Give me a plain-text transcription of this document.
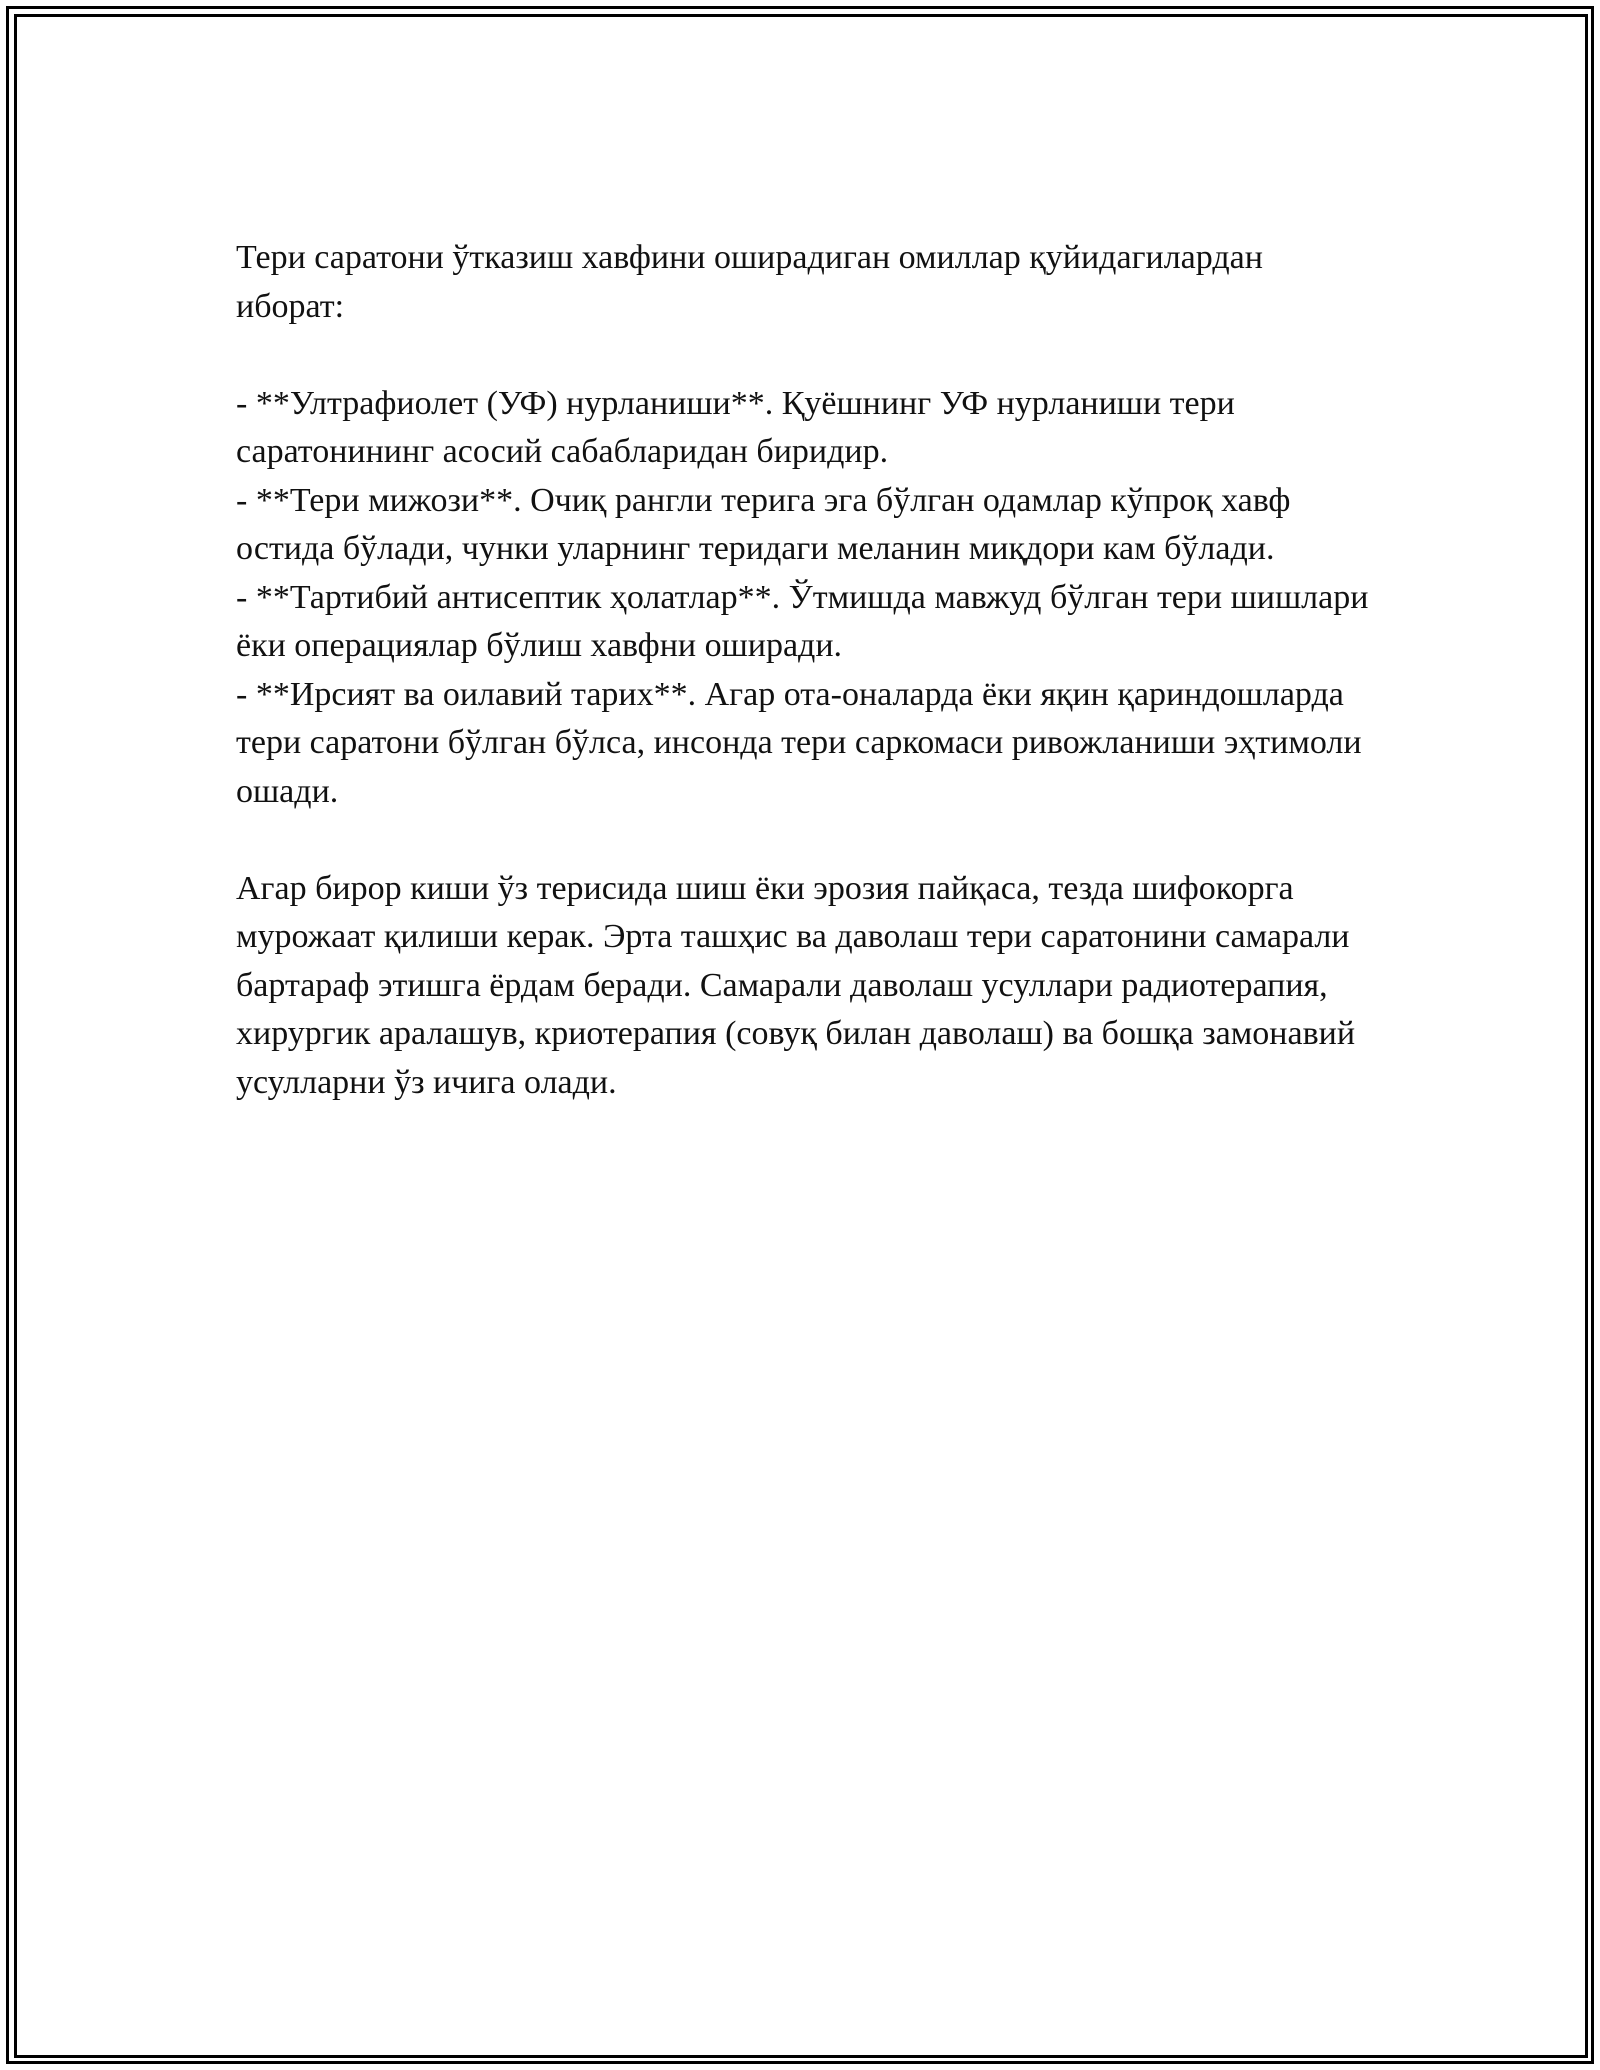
Тери саратони ўтказиш хавфини оширадиган омиллар қуйидагилардан иборат:

- **Ултрафиолет (УФ) нурланиши**. Қуёшнинг УФ нурланиши тери саратонининг асосий сабабларидан биридир.

- **Тери мижози**. Очиқ рангли терига эга бўлган одамлар кўпроқ хавф остида бўлади, чунки уларнинг теридаги меланин миқдори кам бўлади.

- **Тартибий антисептик ҳолатлар**. Ўтмишда мавжуд бўлган тери шишлари ёки операциялар бўлиш хавфни оширади.

- **Ирсият ва оилавий тарих**. Агар ота-оналарда ёки яқин қариндошларда тери саратони бўлган бўлса, инсонда тери саркомаси ривожланиши эҳтимоли ошади.

Агар бирор киши ўз терисида шиш ёки эрозия пайқаса, тезда шифокорга мурожаат қилиши керак. Эрта ташҳис ва даволаш тери саратонини самарали бартараф этишга ёрдам беради. Самарали даволаш усуллари радиотерапия, хирургик аралашув, криотерапия (совуқ билан даволаш) ва бошқа замонавий усулларни ўз ичига олади.
